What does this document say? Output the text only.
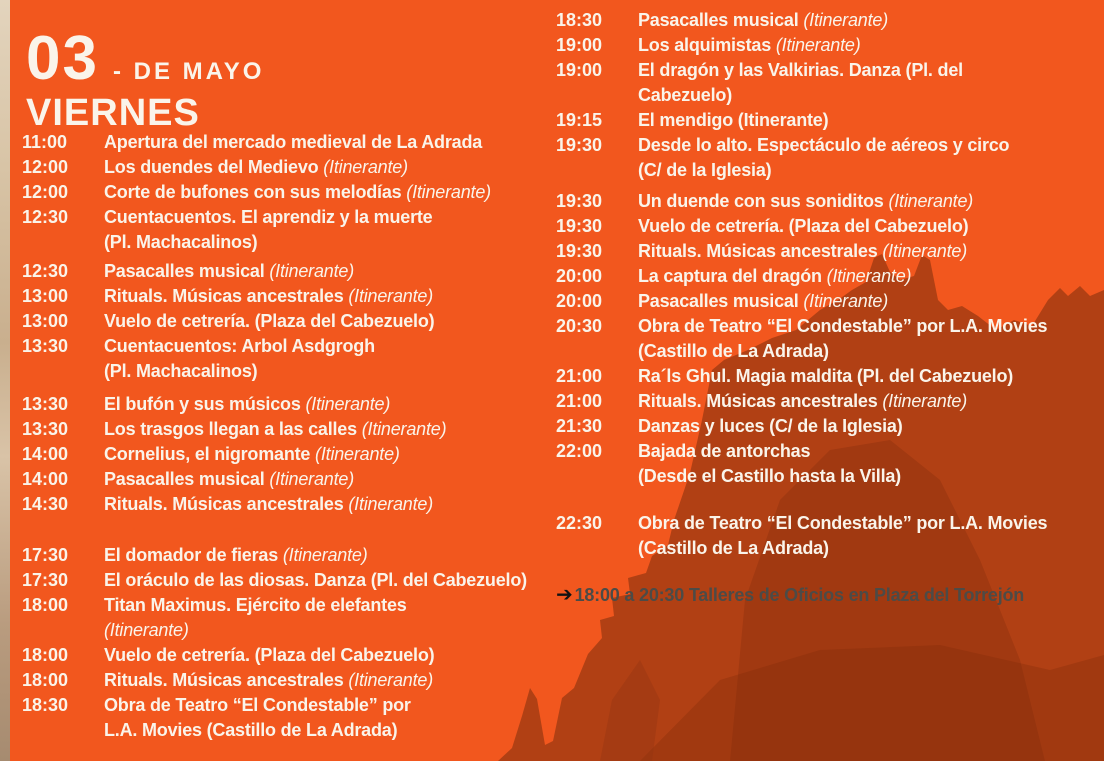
03 - DE MAYO
VIERNES
11:00	Apertura del mercado medieval de La Adrada
12:00	Los duendes del Medievo (Itinerante)
12:00	Corte de bufones con sus melodías (Itinerante)
12:30	Cuentacuentos. El aprendiz y la muerte
(Pl. Machacalinos)
12:30	Pasacalles musical (Itinerante)
13:00	Rituals. Músicas ancestrales (Itinerante)
13:00	Vuelo de cetrería. (Plaza del Cabezuelo)
13:30	Cuentacuentos: Arbol Asdgrogh
(Pl. Machacalinos)
13:30	El bufón y sus músicos (Itinerante)
13:30	Los trasgos llegan a las calles (Itinerante)
14:00	Cornelius, el nigromante (Itinerante)
14:00	Pasacalles musical (Itinerante)
14:30	Rituals. Músicas ancestrales (Itinerante)
17:30	El domador de fieras (Itinerante)
17:30	El oráculo de las diosas. Danza (Pl. del Cabezuelo)
18:00	Titan Maximus. Ejército de elefantes
(Itinerante)
18:00	Vuelo de cetrería. (Plaza del Cabezuelo)
18:00	Rituals. Músicas ancestrales (Itinerante)
18:30	Obra de Teatro “El Condestable” por
L.A. Movies (Castillo de La Adrada)
18:30	Pasacalles musical (Itinerante)
19:00	Los alquimistas (Itinerante)
19:00	El dragón y las Valkirias. Danza (Pl. del
Cabezuelo)
19:15	El mendigo (Itinerante)
19:30	Desde lo alto. Espectáculo de aéreos y circo
(C/ de la Iglesia)
19:30	Un duende con sus soniditos (Itinerante)
19:30	Vuelo de cetrería. (Plaza del Cabezuelo)
19:30	Rituals. Músicas ancestrales (Itinerante)
20:00	La captura del dragón (Itinerante)
20:00	Pasacalles musical (Itinerante)
20:30	Obra de Teatro “El Condestable” por L.A. Movies
(Castillo de La Adrada)
21:00	Ra´ls Ghul. Magia maldita (Pl. del Cabezuelo)
21:00	Rituals. Músicas ancestrales (Itinerante)
21:30	Danzas y luces (C/ de la Iglesia)
22:00	Bajada de antorchas
(Desde el Castillo hasta la Villa)
22:30	Obra de Teatro “El Condestable” por L.A. Movies
(Castillo de La Adrada)
➔ 18:00 a 20:30 Talleres de Oficios en Plaza del Torrejón
